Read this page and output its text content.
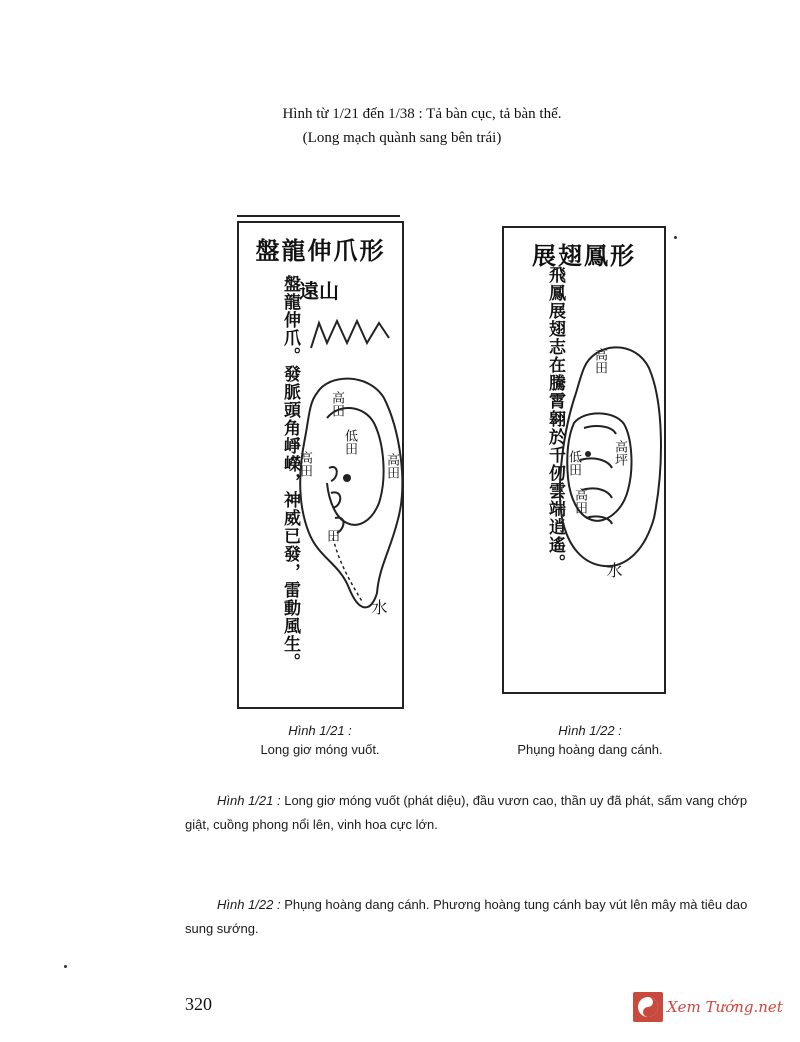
Hình từ 1/21 đến 1/38 : Tả bàn cục, tả bàn thế.
(Long mạch quành sang bên trái)
盤龍伸爪形
遠山
盤龍伸爪。發脈頭角崢嶸，神威已發，雷動風生。 高田
高田
低田
高田
田
水
展翅鳳形
飛鳳展翅志在騰霄翱於千仞雲端逍遙。 高田
高坪
低田
高田
水
Hình 1/21 :
Long giơ móng vuốt.
Hình 1/22 :
Phụng hoàng dang cánh.
Hình 1/21 : Long giơ móng vuốt (phát diệu), đầu vươn cao, thần uy đã phát, sấm vang chớp giật, cuồng phong nổi lên, vinh hoa cực lớn.
Hình 1/22 : Phụng hoàng dang cánh. Phương hoàng tung cánh bay vút lên mây mà tiêu dao sung sướng.
320	Xem Tướng.net
